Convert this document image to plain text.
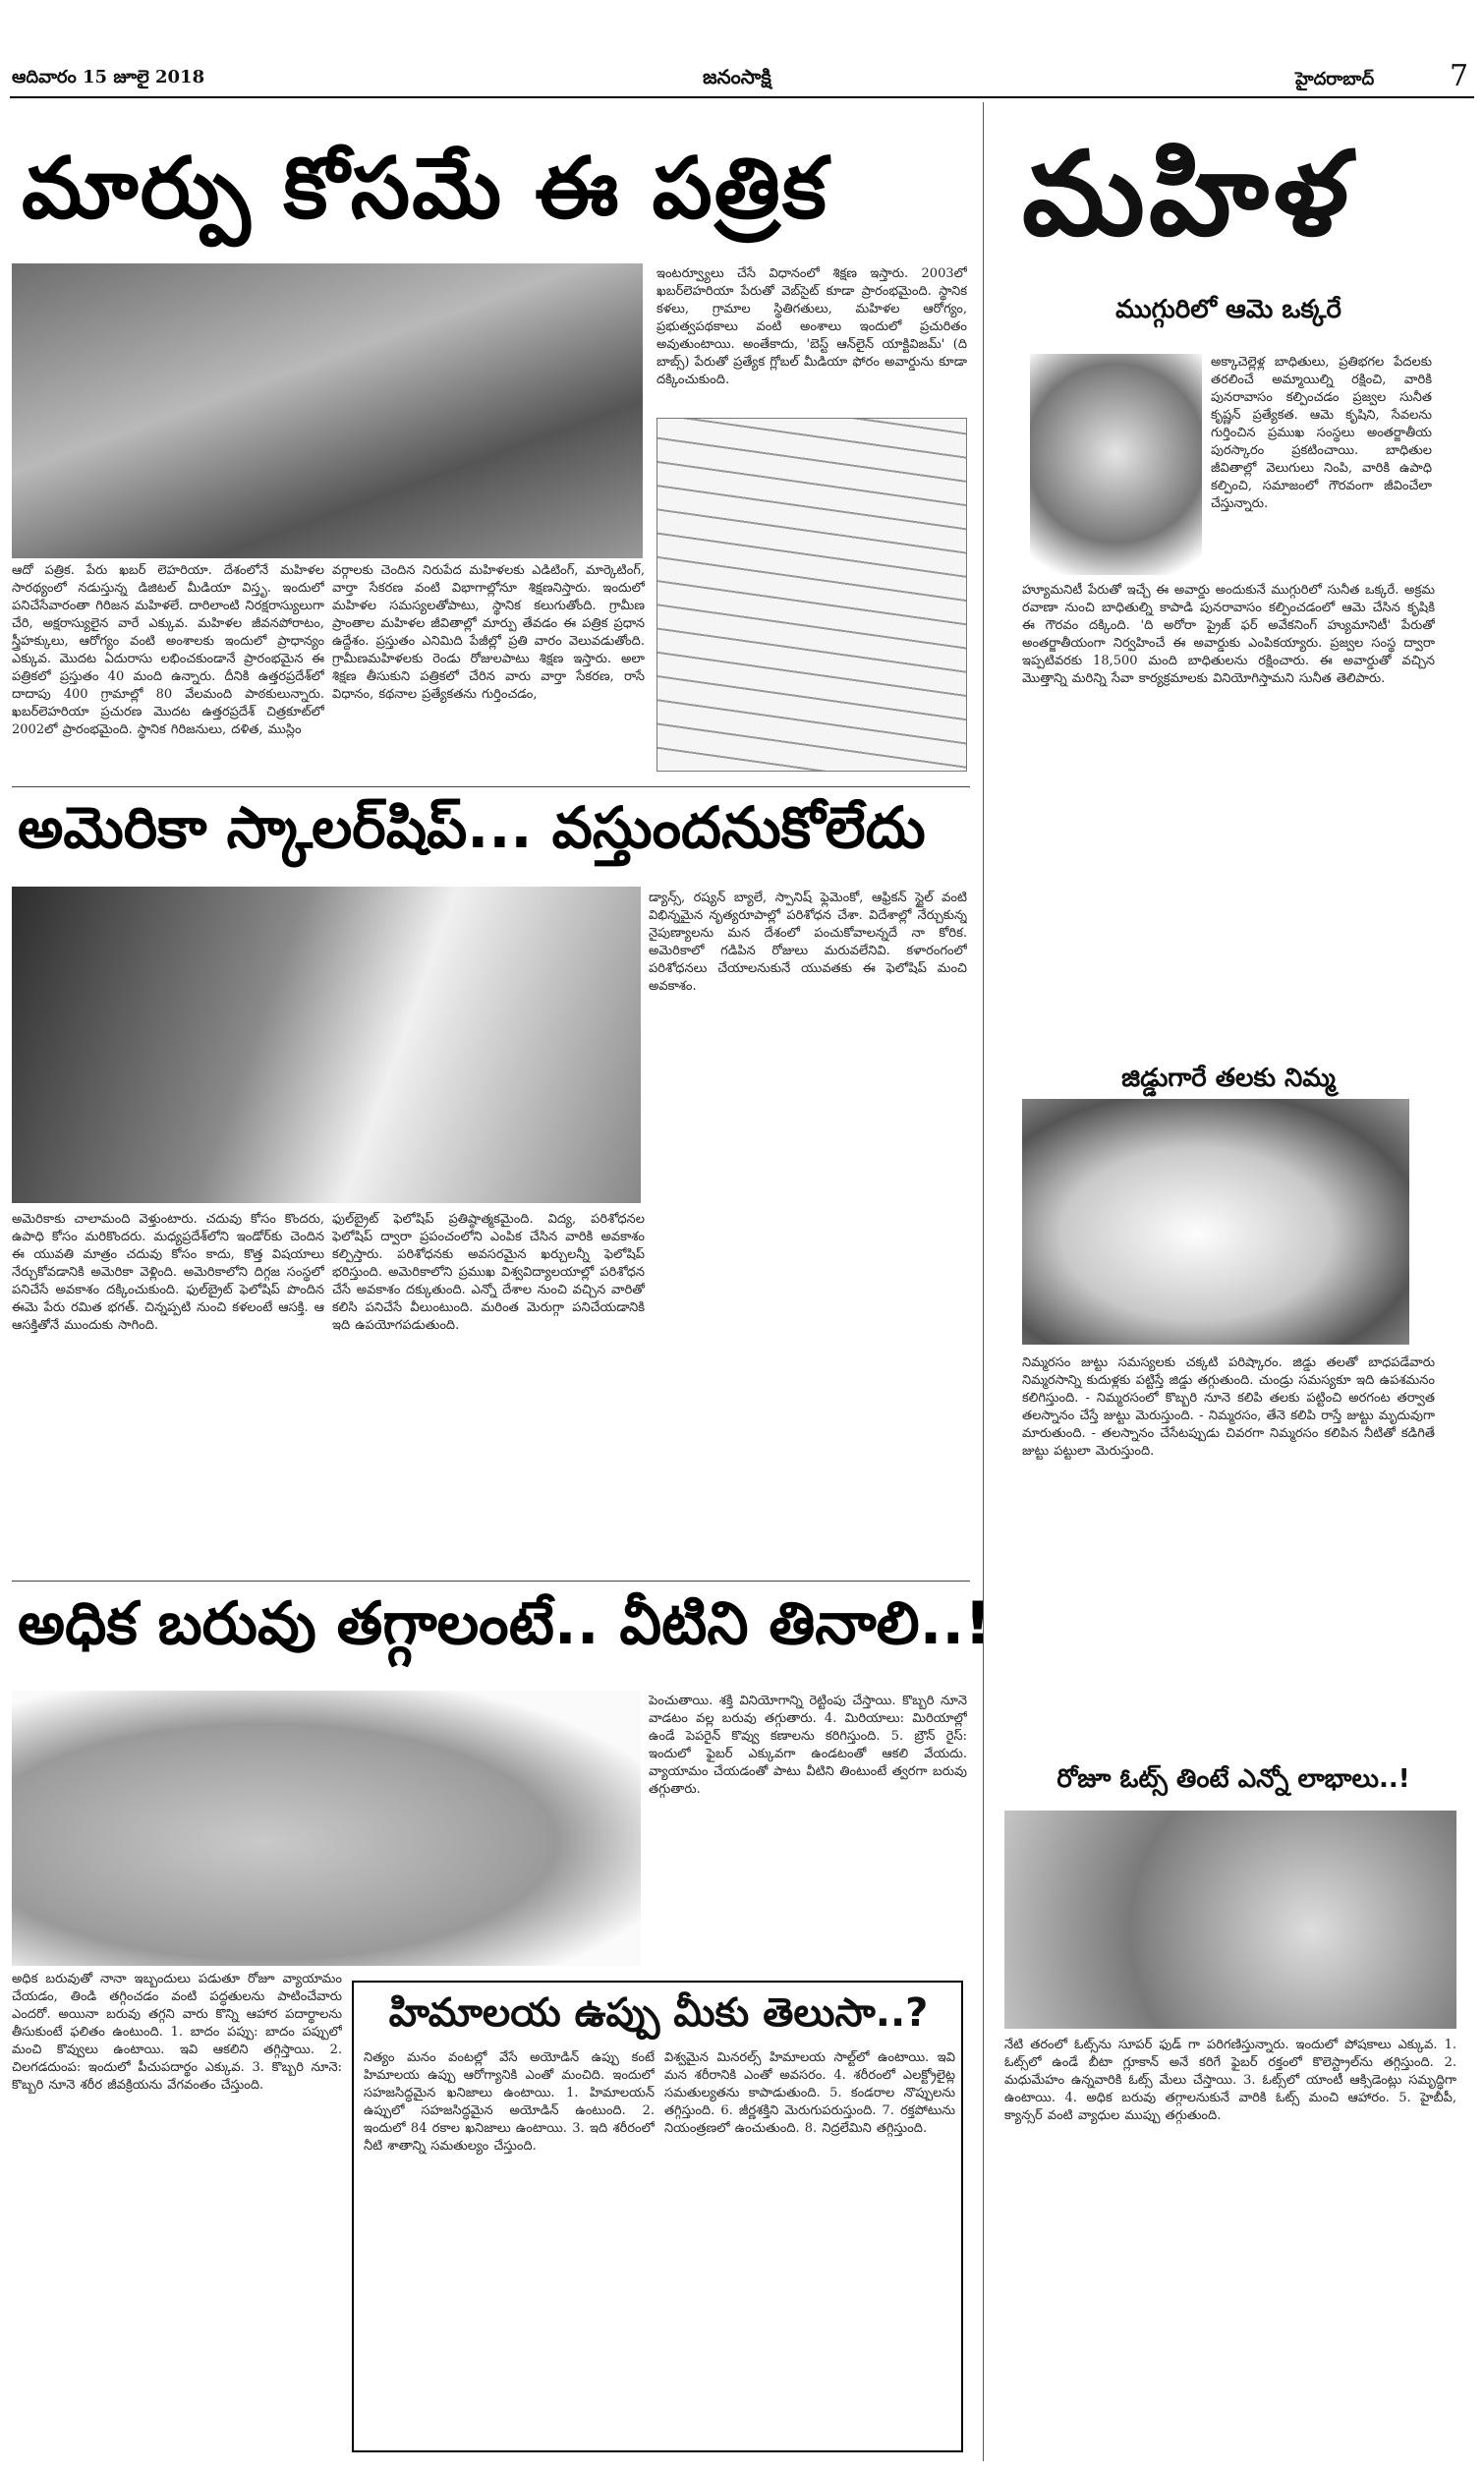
ఆదివారం 15 జూలై 2018	జనంసాక్షి	హైదరాబాద్	7
మార్పు కోసమే ఈ పత్రిక
ఆదో పత్రిక. పేరు ఖబర్ లెహరియా. దేశంలోనే మహిళల సారథ్యంలో నడుస్తున్న డిజిటల్ మీడియా విస్తృ. ఇందులో పనిచేసేవారంతా గిరిజన మహిళలే. దారిలాంటి నిరక్షరాస్యులుగా చేరి, అక్షరాస్యులైన వారే ఎక్కువ. మహిళల జీవనపోరాటం, స్త్రీహక్కులు, ఆరోగ్యం వంటి అంశాలకు ఇందులో ప్రాధాన్యం ఎక్కువ. మొదట ఏదురాసు లభించకుండానే ప్రారంభమైన ఈ పత్రికలో ప్రస్తుతం 40 మంది ఉన్నారు. దీనికి ఉత్తరప్రదేశ్‌లో దాదాపు 400 గ్రామాల్లో 80 వేలమంది పాఠకులున్నారు. ఖబర్‌లెహరియా ప్రచురణ మొదట ఉత్తరప్రదేశ్ చిత్రకూట్‌లో 2002లో ప్రారంభమైంది. స్థానిక గిరిజనులు, దళిత, ముస్లిం
వర్గాలకు చెందిన నిరుపేద మహిళలకు ఎడిటింగ్, మార్కెటింగ్, వార్తా సేకరణ వంటి విభాగాల్లోనూ శిక్షణనిస్తారు. ఇందులో మహిళల సమస్యలతోపాటు, స్థానిక కలుగుతోంది. గ్రామీణ ప్రాంతాల మహిళల జీవితాల్లో మార్పు తేవడం ఈ పత్రిక ప్రధాన ఉద్దేశం. ప్రస్తుతం ఎనిమిది పేజీల్లో ప్రతి వారం వెలువడుతోంది. గ్రామీణమహిళలకు రెండు రోజులపాటు శిక్షణ ఇస్తారు. అలా శిక్షణ తీసుకుని పత్రికలో చేరిన వారు వార్తా సేకరణ, రాసే విధానం, కథనాల ప్రత్యేకతను గుర్తించడం,
ఇంటర్వ్యూలు చేసే విధానంలో శిక్షణ ఇస్తారు. 2003లో ఖబర్‌లెహరియా పేరుతో వెబ్‌సైట్ కూడా ప్రారంభమైంది. స్థానిక కళలు, గ్రామాల స్థితిగతులు, మహిళల ఆరోగ్యం, ప్రభుత్వపథకాలు వంటి అంశాలు ఇందులో ప్రచురితం అవుతుంటాయి. అంతేకాదు, 'బెస్ట్ ఆన్‌లైన్ యాక్టివిజమ్' (ది బాబ్స్) పేరుతో ప్రత్యేక గ్లోబల్ మీడియా ఫోరం అవార్డును కూడా దక్కించుకుంది.
అమెరికా స్కాలర్‌షిప్... వస్తుందనుకోలేదు
అమెరికాకు చాలామంది వెళ్తుంటారు. చదువు కోసం కొందరు, ఉపాధి కోసం మరికొందరు. మధ్యప్రదేశ్‌లోని ఇండోర్‌కు చెందిన ఈ యువతి మాత్రం చదువు కోసం కాదు, కొత్త విషయాలు నేర్చుకోవడానికి అమెరికా వెళ్లింది. అమెరికాలోని దిగ్గజ సంస్థలో పనిచేసే అవకాశం దక్కించుకుంది. ఫుల్‌బ్రైట్ ఫెలోషిప్ పొందిన ఈమె పేరు రమిత భగత్. చిన్నప్పటి నుంచి కళలంటే ఆసక్తి. ఆ ఆసక్తితోనే ముందుకు సాగింది.
ఫుల్‌బ్రైట్ ఫెలోషిప్ ప్రతిష్ఠాత్మకమైంది. విద్య, పరిశోధనల ఫెలోషిప్ ద్వారా ప్రపంచంలోని ఎంపిక చేసిన వారికి అవకాశం కల్పిస్తారు. పరిశోధనకు అవసరమైన ఖర్చులన్నీ ఫెలోషిప్ భరిస్తుంది. అమెరికాలోని ప్రముఖ విశ్వవిద్యాలయాల్లో పరిశోధన చేసే అవకాశం దక్కుతుంది. ఎన్నో దేశాల నుంచి వచ్చిన వారితో కలిసి పనిచేసే వీలుంటుంది. మరింత మెరుగ్గా పనిచేయడానికి ఇది ఉపయోగపడుతుంది.
డ్యాన్స్, రష్యన్ బ్యాలే, స్పానిష్ ఫ్లెమెంకో, ఆఫ్రికన్ స్టైల్ వంటి విభిన్నమైన నృత్యరూపాల్లో పరిశోధన చేశా. విదేశాల్లో నేర్చుకున్న నైపుణ్యాలను మన దేశంలో పంచుకోవాలన్నదే నా కోరిక. అమెరికాలో గడిపిన రోజులు మరువలేనివి. కళారంగంలో పరిశోధనలు చేయాలనుకునే యువతకు ఈ ఫెలోషిప్ మంచి అవకాశం.
అధిక బరువు తగ్గాలంటే.. వీటిని తినాలి..!
అధిక బరువుతో నానా ఇబ్బందులు పడుతూ రోజూ వ్యాయామం చేయడం, తిండి తగ్గించడం వంటి పద్ధతులను పాటించేవారు ఎందరో. అయినా బరువు తగ్గని వారు కొన్ని ఆహార పదార్థాలను తీసుకుంటే ఫలితం ఉంటుంది. 1. బాదం పప్పు: బాదం పప్పులో మంచి కొవ్వులు ఉంటాయి. ఇవి ఆకలిని తగ్గిస్తాయి. 2. చిలగడదుంప: ఇందులో పీచుపదార్థం ఎక్కువ. 3. కొబ్బరి నూనె: కొబ్బరి నూనె శరీర జీవక్రియను వేగవంతం చేస్తుంది.
పెంచుతాయి. శక్తి వినియోగాన్ని రెట్టింపు చేస్తాయి. కొబ్బరి నూనె వాడటం వల్ల బరువు తగ్గుతారు. 4. మిరియాలు: మిరియాల్లో ఉండే పెపరైన్ కొవ్వు కణాలను కరిగిస్తుంది. 5. బ్రౌన్ రైస్: ఇందులో ఫైబర్ ఎక్కువగా ఉండటంతో ఆకలి వేయదు. వ్యాయామం చేయడంతో పాటు వీటిని తింటుంటే త్వరగా బరువు తగ్గుతారు.
హిమాలయ ఉప్పు మీకు తెలుసా..?
నిత్యం మనం వంటల్లో వేసే అయోడిన్ ఉప్పు కంటే హిమాలయ ఉప్పు ఆరోగ్యానికి ఎంతో మంచిది. ఇందులో సహజసిద్ధమైన ఖనిజాలు ఉంటాయి. 1. హిమాలయన్ ఉప్పులో సహజసిద్ధమైన అయోడిన్ ఉంటుంది. 2. ఇందులో 84 రకాల ఖనిజాలు ఉంటాయి. 3. ఇది శరీరంలో నీటి శాతాన్ని సమతుల్యం చేస్తుంది.
విశ్వమైన మినరల్స్ హిమాలయ సాల్ట్‌లో ఉంటాయి. ఇవి మన శరీరానికి ఎంతో అవసరం. 4. శరీరంలో ఎలక్ట్రోలైట్ల సమతుల్యతను కాపాడుతుంది. 5. కండరాల నొప్పులను తగ్గిస్తుంది. 6. జీర్ణశక్తిని మెరుగుపరుస్తుంది. 7. రక్తపోటును నియంత్రణలో ఉంచుతుంది. 8. నిద్రలేమిని తగ్గిస్తుంది.
మహిళ
ముగ్గురిలో ఆమె ఒక్కరే
అక్కాచెల్లెళ్ల బాధితులు, ప్రతిభగల పేదలకు తరలించే అమ్మాయిల్ని రక్షించి, వారికి పునరావాసం కల్పించడం ప్రజ్వల సునీత కృష్ణన్ ప్రత్యేకత. ఆమె కృషిని, సేవలను గుర్తించిన ప్రముఖ సంస్థలు అంతర్జాతీయ పురస్కారం ప్రకటించాయి. బాధితుల జీవితాల్లో వెలుగులు నింపి, వారికి ఉపాధి కల్పించి, సమాజంలో గౌరవంగా జీవించేలా చేస్తున్నారు.
హ్యూమనిటీ పేరుతో ఇచ్చే ఈ అవార్డు అందుకునే ముగ్గురిలో సునీత ఒక్కరే. అక్రమ రవాణా నుంచి బాధితుల్ని కాపాడి పునరావాసం కల్పించడంలో ఆమె చేసిన కృషికి ఈ గౌరవం దక్కింది. 'ది అరోరా ప్రైజ్ ఫర్ అవేకనింగ్ హ్యుమానిటీ' పేరుతో అంతర్జాతీయంగా నిర్వహించే ఈ అవార్డుకు ఎంపికయ్యారు. ప్రజ్వల సంస్థ ద్వారా ఇప్పటివరకు 18,500 మంది బాధితులను రక్షించారు. ఈ అవార్డుతో వచ్చిన మొత్తాన్ని మరిన్ని సేవా కార్యక్రమాలకు వినియోగిస్తామని సునీత తెలిపారు.
జిడ్డుగారే తలకు నిమ్మ
నిమ్మరసం జుట్టు సమస్యలకు చక్కటి పరిష్కారం. జిడ్డు తలతో బాధపడేవారు నిమ్మరసాన్ని కుదుళ్లకు పట్టిస్తే జిడ్డు తగ్గుతుంది. చుండ్రు సమస్యకూ ఇది ఉపశమనం కలిగిస్తుంది. - నిమ్మరసంలో కొబ్బరి నూనె కలిపి తలకు పట్టించి అరగంట తర్వాత తలస్నానం చేస్తే జుట్టు మెరుస్తుంది. - నిమ్మరసం, తేనె కలిపి రాస్తే జుట్టు మృదువుగా మారుతుంది. - తలస్నానం చేసేటప్పుడు చివరగా నిమ్మరసం కలిపిన నీటితో కడిగితే జుట్టు పట్టులా మెరుస్తుంది.
రోజూ ఓట్స్ తింటే ఎన్నో లాభాలు..!
నేటి తరంలో ఓట్స్‌ను సూపర్ ఫుడ్ గా పరిగణిస్తున్నారు. ఇందులో పోషకాలు ఎక్కువ. 1. ఓట్స్‌లో ఉండే బీటా గ్లూకాన్ అనే కరిగే ఫైబర్ రక్తంలో కొలెస్ట్రాల్‌ను తగ్గిస్తుంది. 2. మధుమేహం ఉన్నవారికి ఓట్స్ మేలు చేస్తాయి. 3. ఓట్స్‌లో యాంటీ ఆక్సిడెంట్లు సమృద్ధిగా ఉంటాయి. 4. అధిక బరువు తగ్గాలనుకునే వారికి ఓట్స్ మంచి ఆహారం. 5. హైబీపీ, క్యాన్సర్ వంటి వ్యాధుల ముప్పు తగ్గుతుంది.
